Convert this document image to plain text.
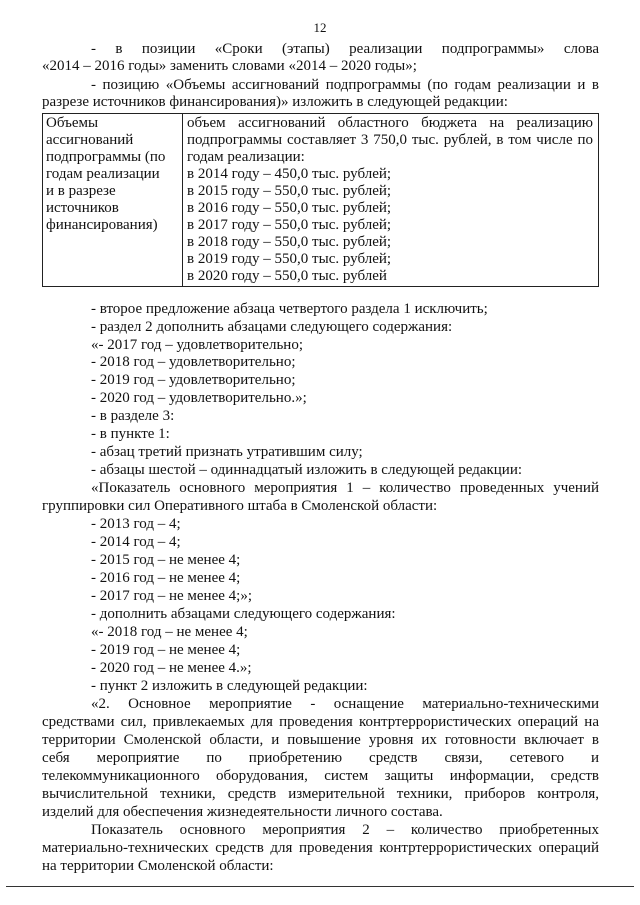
12
- в позиции «Сроки (этапы) реализации подпрограммы» слова
«2014 – 2016 годы» заменить словами «2014 – 2020 годы»;
- позицию «Объемы ассигнований подпрограммы (по годам реализации и в
разрезе источников финансирования)» изложить в следующей редакции:
Объемы
ассигнований
подпрограммы (по
годам реализации
и в разрезе
источников
финансирования)

объем ассигнований областного бюджета на реализацию
подпрограммы составляет 3 750,0 тыс. рублей, в том числе по
годам реализации:
в 2014 году – 450,0 тыс. рублей;
в 2015 году – 550,0 тыс. рублей;
в 2016 году – 550,0 тыс. рублей;
в 2017 году – 550,0 тыс. рублей;
в 2018 году – 550,0 тыс. рублей;
в 2019 году – 550,0 тыс. рублей;
в 2020 году – 550,0 тыс. рублей
- второе предложение абзаца четвертого раздела 1 исключить;
- раздел 2 дополнить абзацами следующего содержания:
«- 2017 год – удовлетворительно;
- 2018 год – удовлетворительно;
- 2019 год – удовлетворительно;
- 2020 год – удовлетворительно.»;
- в разделе 3:
- в пункте 1:
- абзац третий признать утратившим силу;
- абзацы шестой – одиннадцатый изложить в следующей редакции:
«Показатель основного мероприятия 1 – количество проведенных учений
группировки сил Оперативного штаба в Смоленской области:
- 2013 год – 4;
- 2014 год – 4;
- 2015 год – не менее 4;
- 2016 год – не менее 4;
- 2017 год – не менее 4;»;
- дополнить абзацами следующего содержания:
«- 2018 год – не менее 4;
- 2019 год – не менее 4;
- 2020 год – не менее 4.»;
- пункт 2 изложить в следующей редакции:
«2. Основное мероприятие - оснащение материально-техническими
средствами сил, привлекаемых для проведения контртеррористических операций на
территории Смоленской области, и повышение уровня их готовности включает в
себя мероприятие по приобретению средств связи, сетевого и
телекоммуникационного оборудования, систем защиты информации, средств
вычислительной техники, средств измерительной техники, приборов контроля,
изделий для обеспечения жизнедеятельности личного состава.
Показатель основного мероприятия 2 – количество приобретенных
материально-технических средств для проведения контртеррористических операций
на территории Смоленской области:
